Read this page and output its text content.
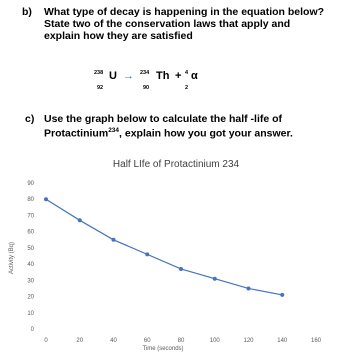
b) What type of decay is happening in the equation below?
State two of the conservation laws that apply and
explain how they are satisfied
238
92
U → 234
90
Th + 4
2
α
c) Use the graph below to calculate the half -life of
Protactinium$^{234}$, explain how you got your answer.
Half LIfe of Protactinium 234
Activity (Bq)
Time (seconds)
0	20	40	60	80	100	120	140	160
0
10
20
30
40
50
60
70
80
90
